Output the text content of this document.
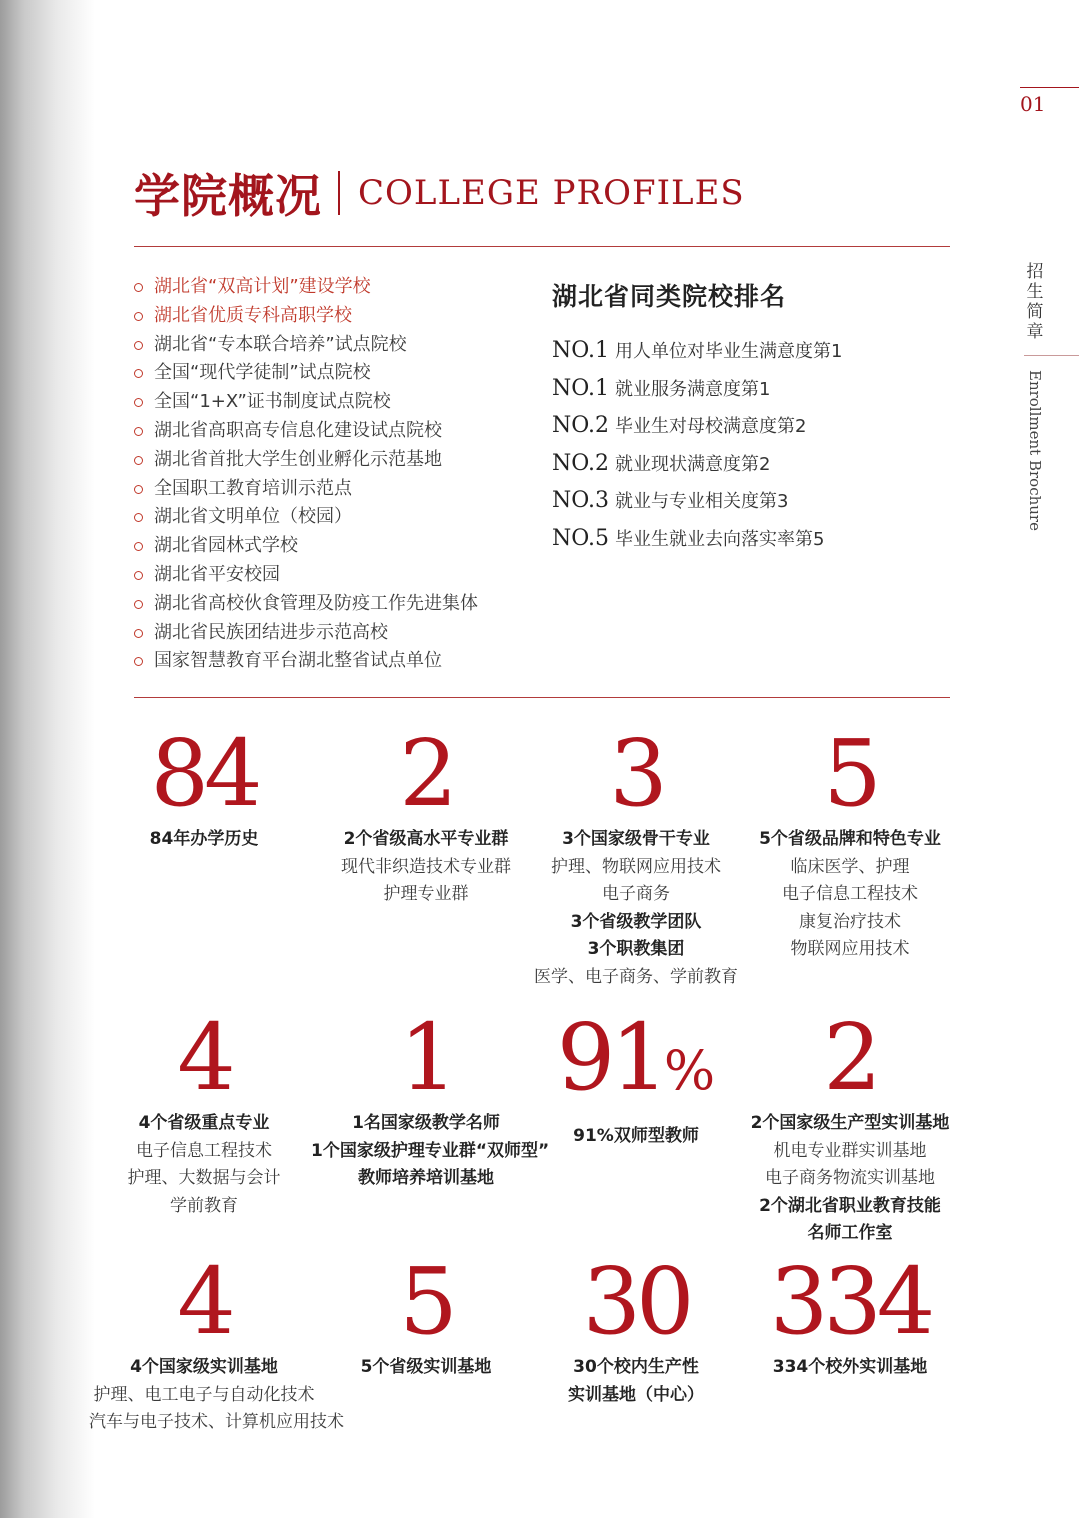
01
招
生
简
章
Enrollment Brochure
学院概况 COLLEGE PROFILES
湖北省“双高计划”建设学校
湖北省优质专科高职学校
湖北省“专本联合培养”试点院校
全国“现代学徒制”试点院校
全国“1+X”证书制度试点院校
湖北省高职高专信息化建设试点院校
湖北省首批大学生创业孵化示范基地
全国职工教育培训示范点
湖北省文明单位（校园）
湖北省园林式学校
湖北省平安校园
湖北省高校伙食管理及防疫工作先进集体
湖北省民族团结进步示范高校
国家智慧教育平台湖北整省试点单位
湖北省同类院校排名
NO.1 用人单位对毕业生满意度第1
NO.1 就业服务满意度第1
NO.2 毕业生对母校满意度第2
NO.2 就业现状满意度第2
NO.3 就业与专业相关度第3
NO.5 毕业生就业去向落实率第5
84
84年办学历史
2
2个省级高水平专业群
现代非织造技术专业群
护理专业群
3
3个国家级骨干专业
护理、物联网应用技术
电子商务
3个省级教学团队
3个职教集团
医学、电子商务、学前教育
5
5个省级品牌和特色专业
临床医学、护理
电子信息工程技术
康复治疗技术
物联网应用技术
4
4个省级重点专业
电子信息工程技术
护理、大数据与会计
学前教育
1
1名国家级教学名师
1个国家级护理专业群“双师型”
教师培养培训基地
91%
91%双师型教师
2
2个国家级生产型实训基地
机电专业群实训基地
电子商务物流实训基地
2个湖北省职业教育技能
名师工作室
4
4个国家级实训基地
护理、电工电子与自动化技术
汽车与电子技术、计算机应用技术
5
5个省级实训基地
30
30个校内生产性
实训基地（中心）
334
334个校外实训基地
